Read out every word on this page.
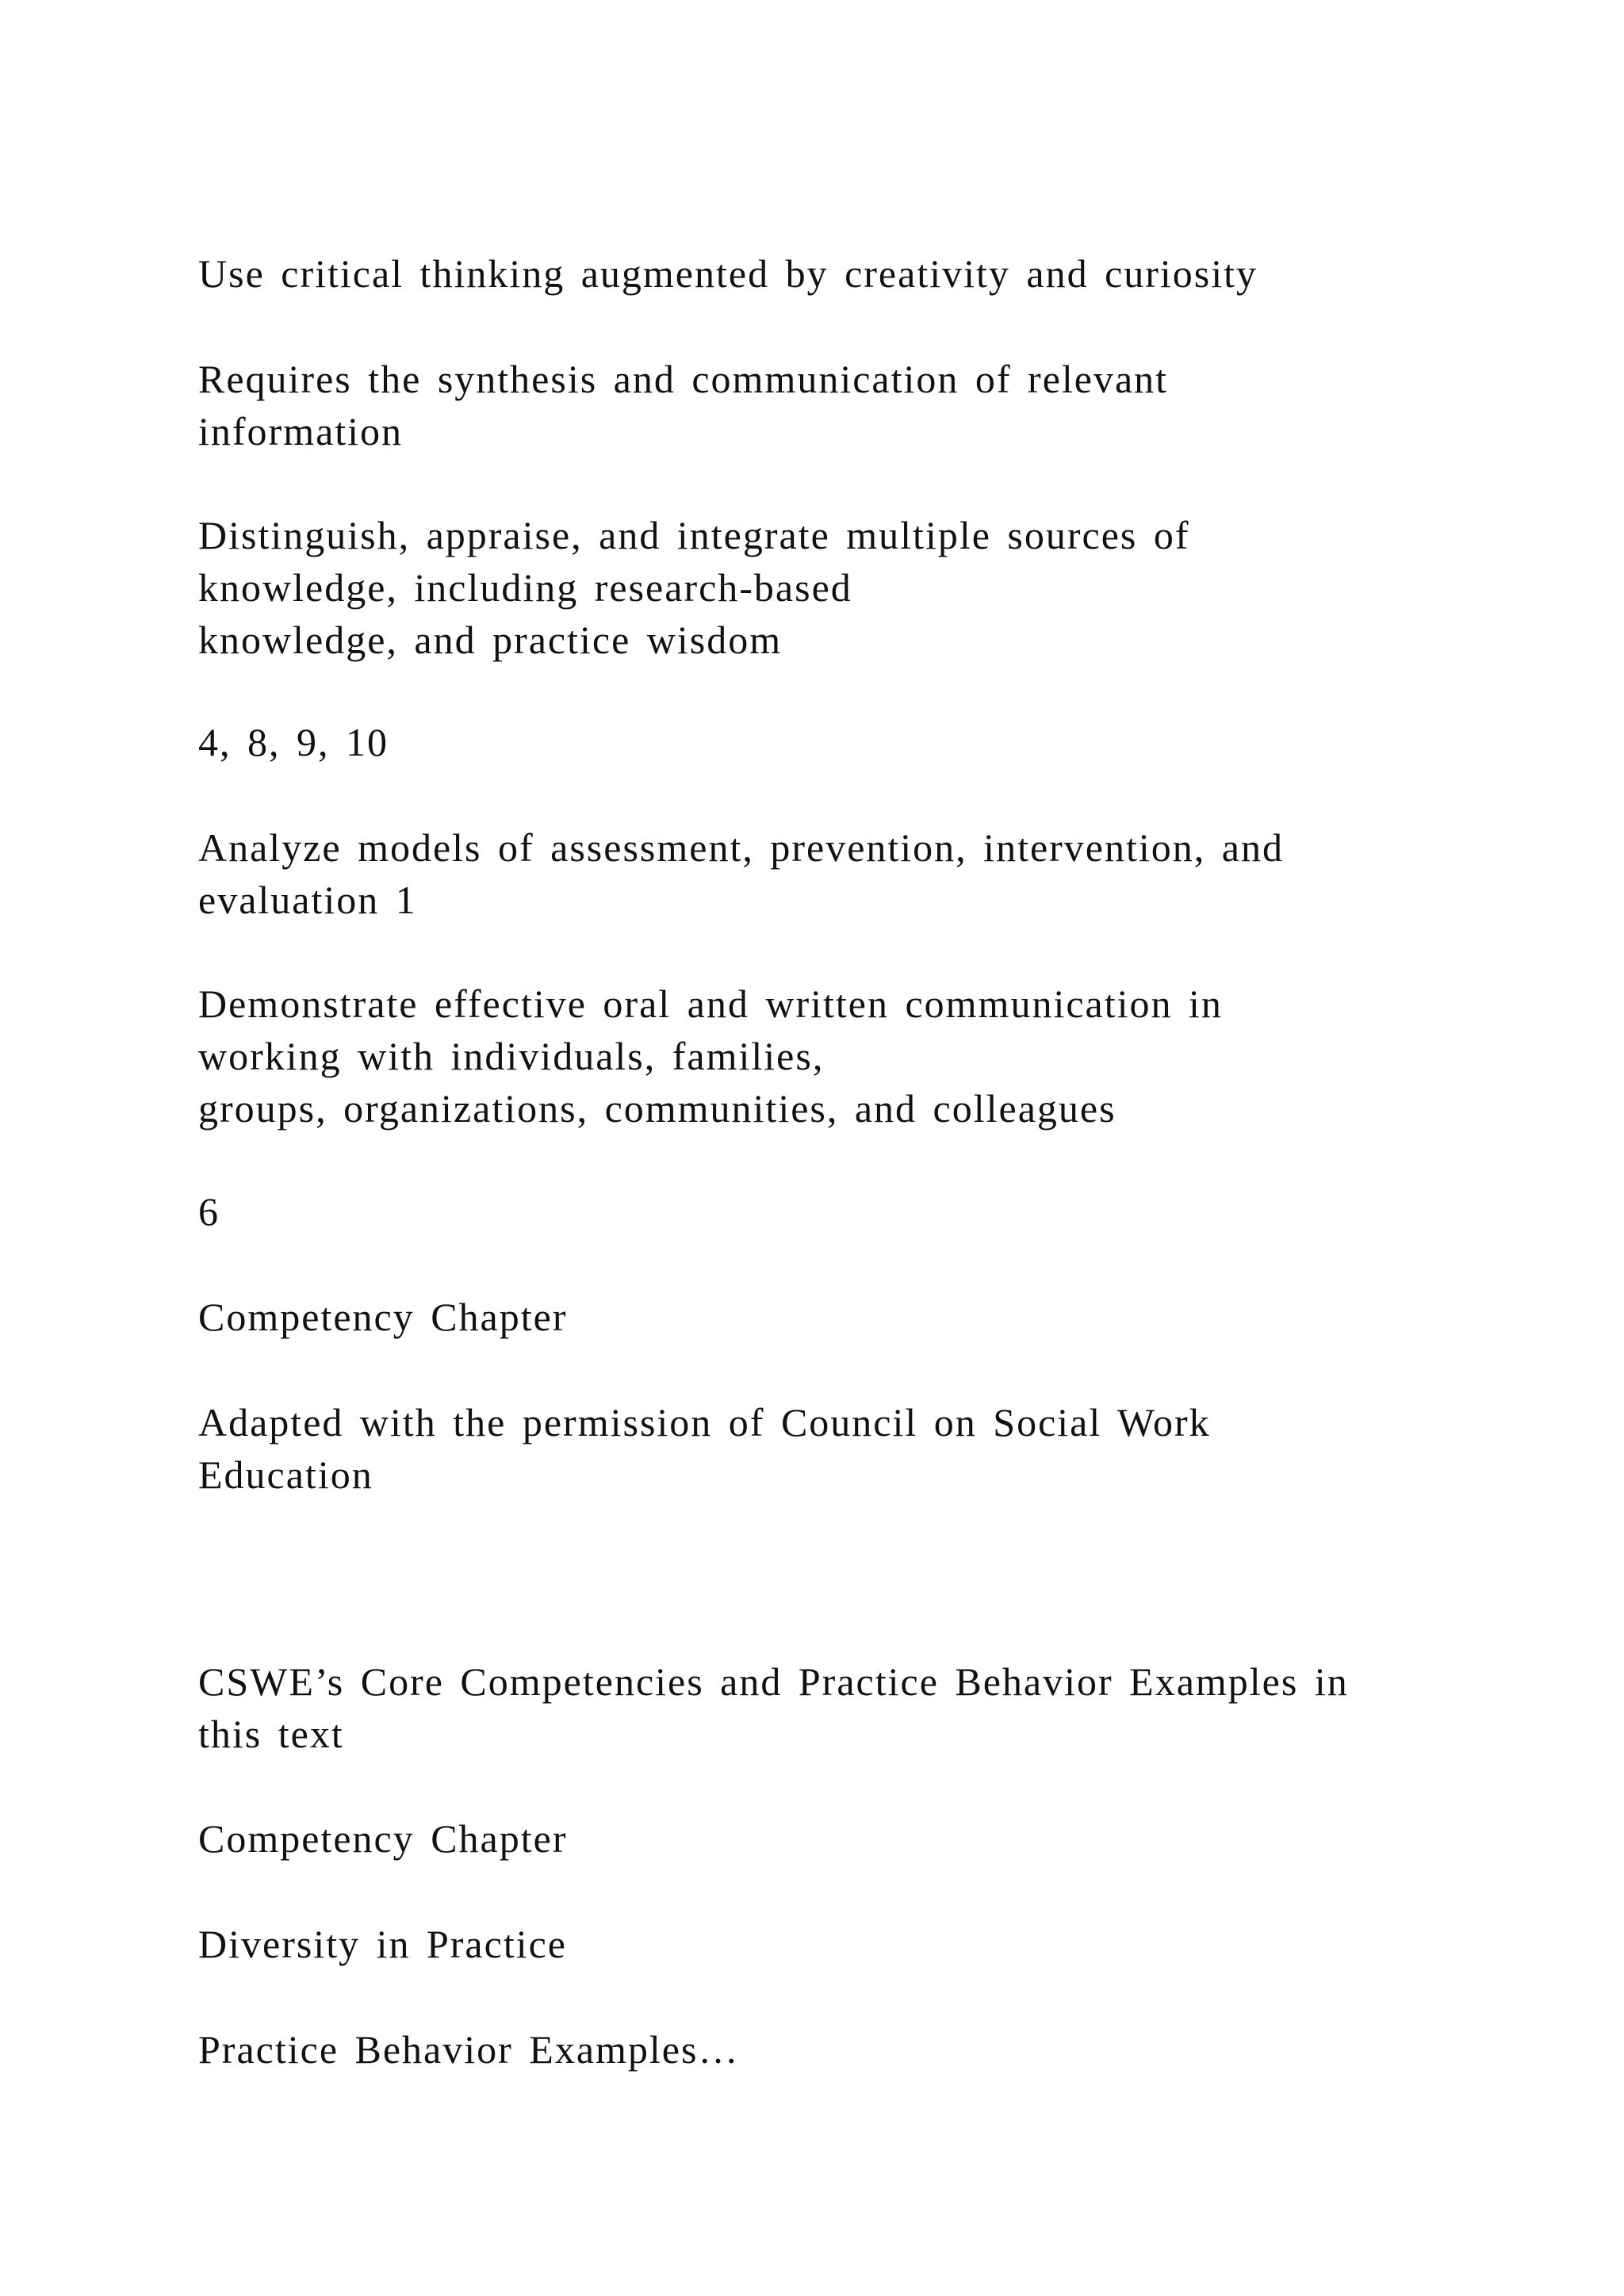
Use critical thinking augmented by creativity and curiosity
Requires the synthesis and communication of relevant
information
Distinguish, appraise, and integrate multiple sources of
knowledge, including research-based
knowledge, and practice wisdom
4, 8, 9, 10
Analyze models of assessment, prevention, intervention, and
evaluation 1
Demonstrate effective oral and written communication in
working with individuals, families,
groups, organizations, communities, and colleagues
6
Competency Chapter
Adapted with the permission of Council on Social Work
Education
CSWE’s Core Competencies and Practice Behavior Examples in
this text
Competency Chapter
Diversity in Practice
Practice Behavior Examples…
